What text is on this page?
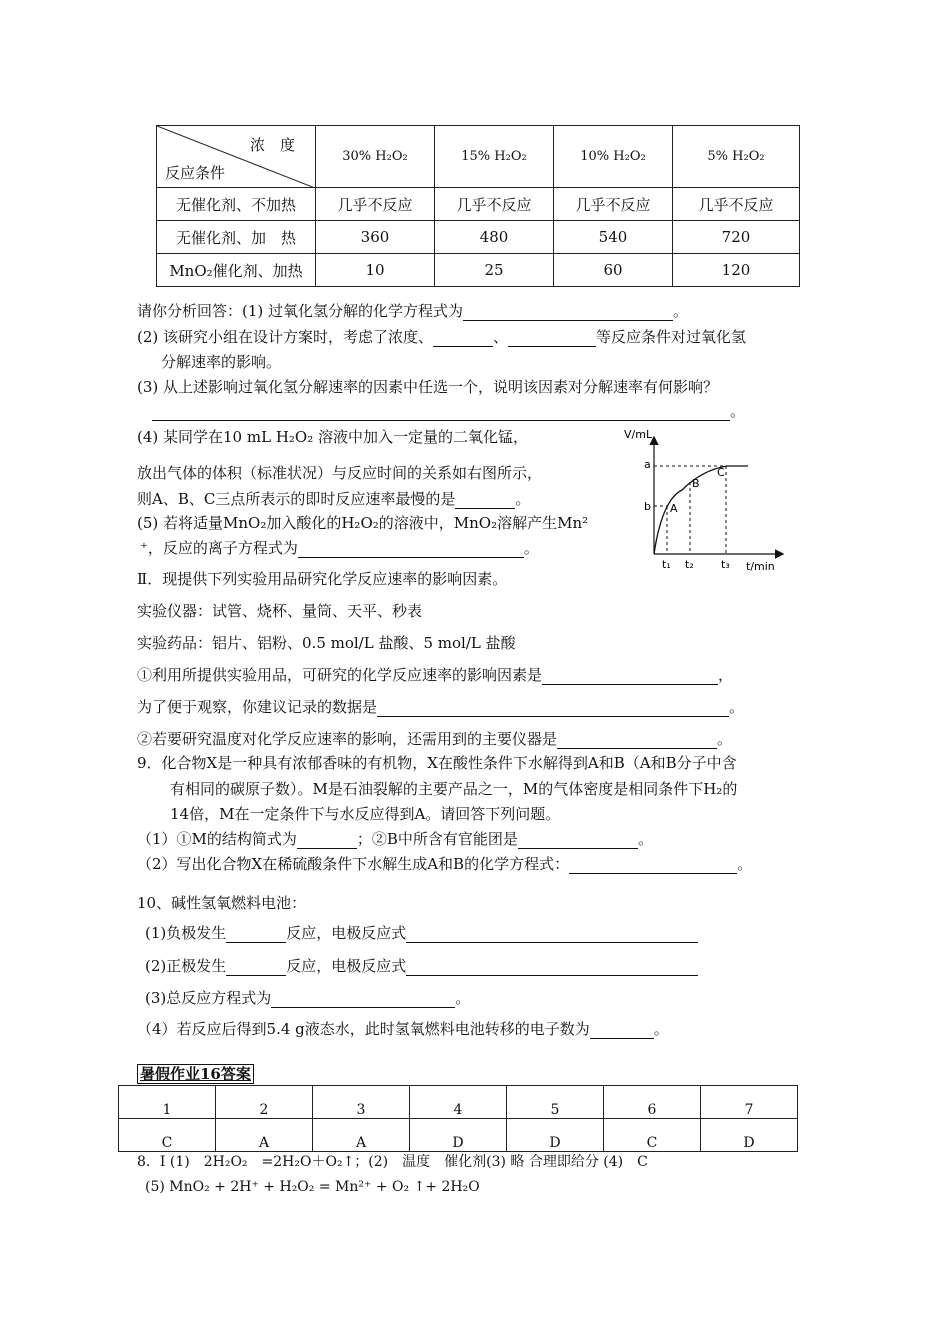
浓　度
反应条件	30% H₂O₂	15% H₂O₂	10% H₂O₂	5% H₂O₂
无催化剂、不加热	几乎不反应	几乎不反应	几乎不反应	几乎不反应
无催化剂、加　热	360	480	540	720
MnO₂催化剂、加热	10	25	60	120
请你分析回答：(1) 过氧化氢分解的化学方程式为	。
(2) 该研究小组在设计方案时，考虑了浓度、	、	等反应条件对过氧化氢
分解速率的影响。
(3) 从上述影响过氧化氢分解速率的因素中任选一个，说明该因素对分解速率有何影响？
。
(4) 某同学在10 mL H₂O₂ 溶液中加入一定量的二氧化锰，
放出气体的体积（标准状况）与反应时间的关系如右图所示，
则A、B、C三点所表示的即时反应速率最慢的是	。
(5) 若将适量MnO₂加入酸化的H₂O₂的溶液中，MnO₂溶解产生Mn²
⁺，反应的离子方程式为	。
V/mL
t/min
a
b A
B
C
t₁ t₂ t₃
Ⅱ．现提供下列实验用品研究化学反应速率的影响因素。
实验仪器：试管、烧杯、量筒、天平、秒表
实验药品：铝片、铝粉、0.5 mol/L 盐酸、5 mol/L 盐酸
①利用所提供实验用品，可研究的化学反应速率的影响因素是	，
为了便于观察，你建议记录的数据是	。
②若要研究温度对化学反应速率的影响，还需用到的主要仪器是	。
9．化合物X是一种具有浓郁香味的有机物，X在酸性条件下水解得到A和B（A和B分子中含
有相同的碳原子数）。M是石油裂解的主要产品之一，M的气体密度是相同条件下H₂的
14倍，M在一定条件下与水反应得到A。请回答下列问题。
（1）①M的结构简式为	；②B中所含有官能团是	。
（2）写出化合物X在稀硫酸条件下水解生成A和B的化学方程式：	。
10、碱性氢氧燃料电池：
(1)负极发生	反应，电极反应式
(2)正极发生	反应，电极反应式
(3)总反应方程式为	。
（4）若反应后得到5.4 g液态水，此时氢氧燃料电池转移的电子数为	。
暑假作业16答案
1	2	3	4	5	6	7
C	A	A	D	D	C	D
8．Ⅰ (1)　2H₂O₂　=2H₂O＋O₂↑；(2)　温度　催化剂(3) 略 合理即给分 (4)　C
(5) MnO₂ + 2H⁺ + H₂O₂ = Mn²⁺ + O₂ ↑+ 2H₂O
